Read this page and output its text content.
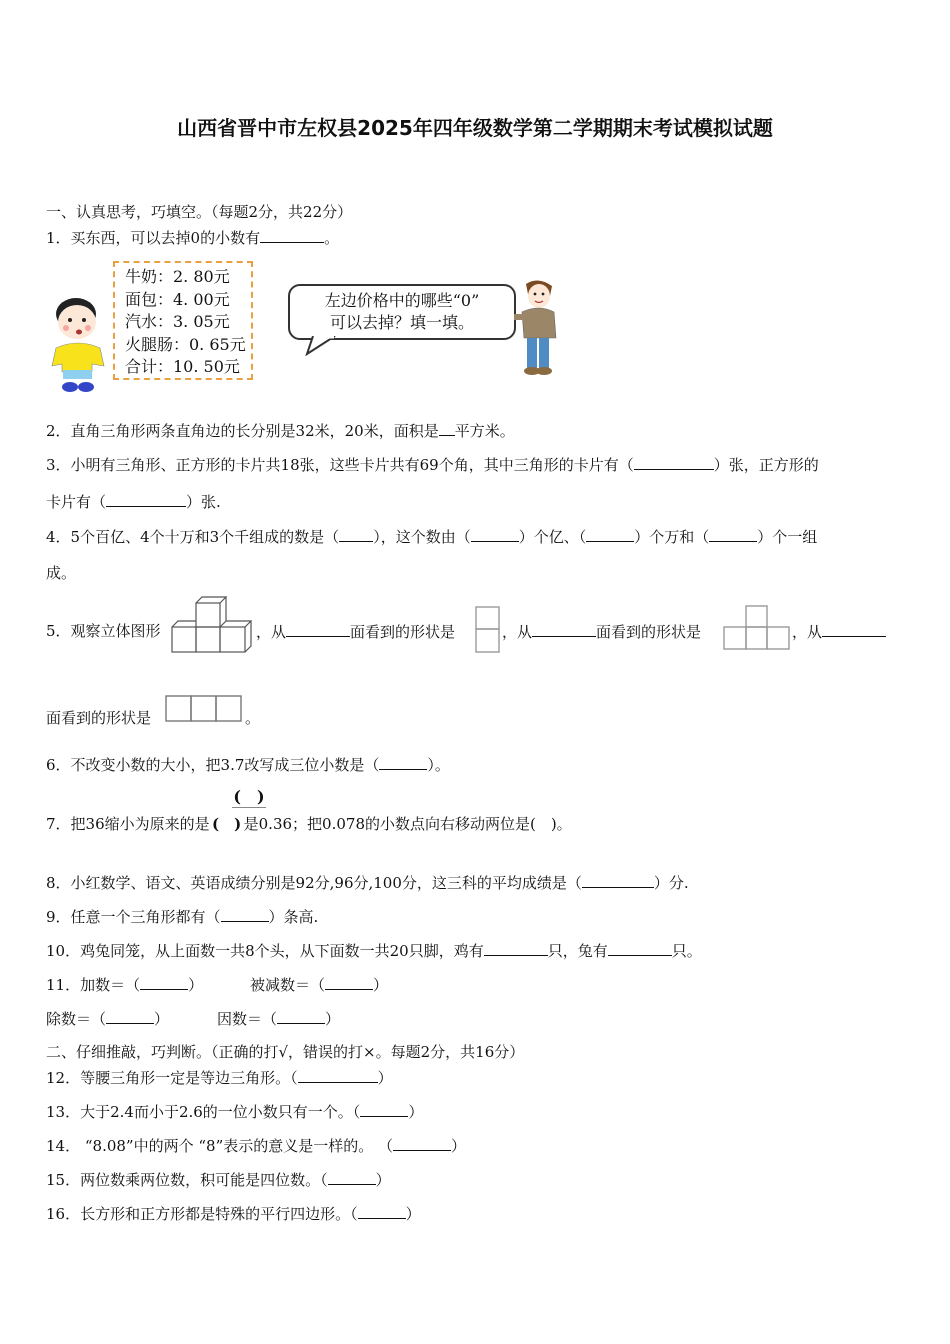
山西省晋中市左权县2025年四年级数学第二学期期末考试模拟试题
一、认真思考，巧填空。（每题2分，共22分）
1．买东西，可以去掉0的小数有	。
牛奶：2. 80元
面包：4. 00元
汽水：3. 05元
火腿肠：0. 65元
合计：10. 50元
左边价格中的哪些“0”
可以去掉？填一填。
2．直角三角形两条直角边的长分别是32米，20米，面积是 平方米。
3．小明有三角形、正方形的卡片共18张，这些卡片共有69个角，其中三角形的卡片有（	）张，正方形的
卡片有（	）张.
4．5个百亿、4个十万和3个千组成的数是（ ），这个数由（	）个亿、（	）个万和（	）个一组
成。
5．观察立体图形	，从	面看到的形状是	，从	面看到的形状是	，从
面看到的形状是	。
6．不改变小数的大小，把3.7改写成三位小数是（	）。
(　)
7．把36缩小为原来的是 (　) 是0.36；把0.078的小数点向右移动两位是(　)。
8．小红数学、语文、英语成绩分别是92分,96分,100分，这三科的平均成绩是（	）分.
9．任意一个三角形都有（	）条高.
10．鸡兔同笼，从上面数一共8个头，从下面数一共20只脚，鸡有	只，兔有	只。
11．加数＝（	）	被减数＝（	）
除数＝（	）	因数＝（	）
二、仔细推敲，巧判断。（正确的打√，错误的打×。每题2分，共16分）
12．等腰三角形一定是等边三角形。（	）
13．大于2.4而小于2.6的一位小数只有一个。（	）
14． “8.08”中的两个 “8”表示的意义是一样的。 （	）
15．两位数乘两位数，积可能是四位数。（	）
16．长方形和正方形都是特殊的平行四边形。（	）
